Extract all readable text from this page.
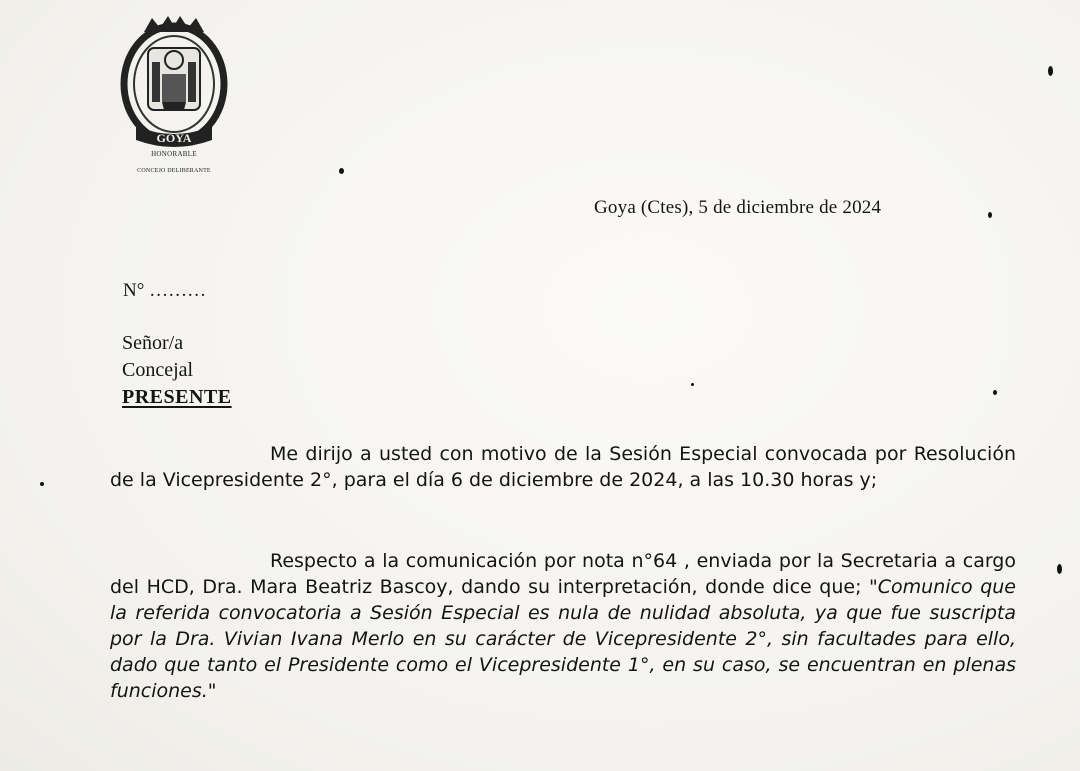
GOYA
HONORABLE
CONCEJO DELIBERANTE
Goya (Ctes), 5 de diciembre de 2024
N° ………
Señor/a
Concejal
PRESENTE
Me dirijo a usted con motivo de la Sesión Especial convocada por Resolución de la Vicepresidente 2°, para el día 6 de diciembre de 2024, a las 10.30 horas y;
Respecto a la comunicación por nota n°64 , enviada por la Secretaria a cargo del HCD, Dra. Mara Beatriz Bascoy, dando su interpretación, donde dice que; "Comunico que la referida convocatoria a Sesión Especial es nula de nulidad absoluta, ya que fue suscripta por la Dra. Vivian Ivana Merlo en su carácter de Vicepresidente 2°, sin facultades para ello, dado que tanto el Presidente como el Vicepresidente 1°, en su caso, se encuentran en plenas funciones."
